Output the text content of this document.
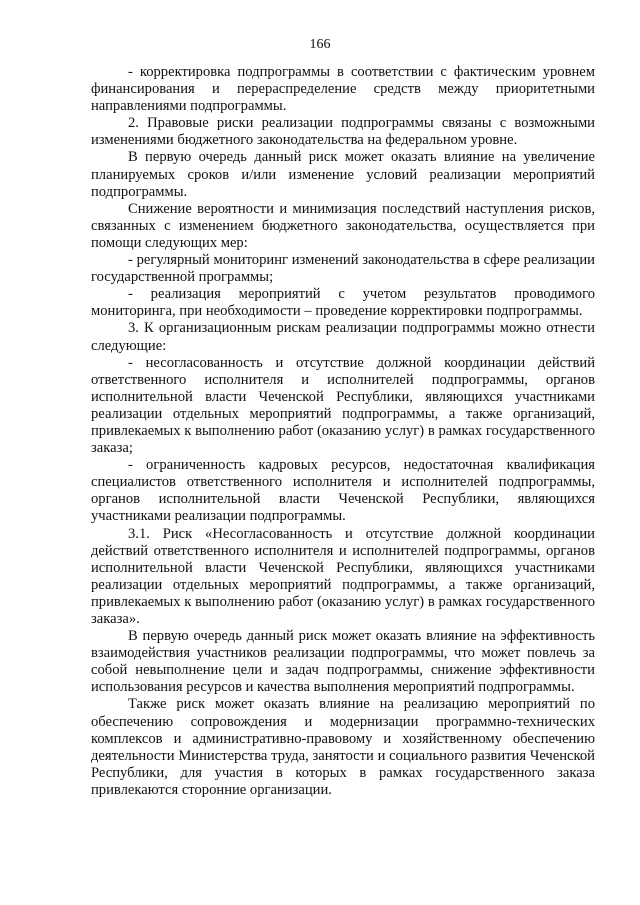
166

- корректировка подпрограммы в соответствии с фактическим уровнем финансирования и перераспределение средств между приоритетными направлениями подпрограммы.

2. Правовые риски реализации подпрограммы связаны с возможными изменениями бюджетного законодательства на федеральном уровне.

В первую очередь данный риск может оказать влияние на увеличение планируемых сроков и/или изменение условий реализации мероприятий подпрограммы.

Снижение вероятности и минимизация последствий наступления рисков, связанных с изменением бюджетного законодательства, осуществляется при помощи следующих мер:

- регулярный мониторинг изменений законодательства в сфере реализации государственной программы;

- реализация мероприятий с учетом результатов проводимого мониторинга, при необходимости – проведение корректировки подпрограммы.

3. К организационным рискам реализации подпрограммы можно отнести следующие:

- несогласованность и отсутствие должной координации действий ответственного исполнителя и исполнителей подпрограммы, органов исполнительной власти Чеченской Республики, являющихся участниками реализации отдельных мероприятий подпрограммы, а также организаций, привлекаемых к выполнению работ (оказанию услуг) в рамках государственного заказа;

- ограниченность кадровых ресурсов, недостаточная квалификация специалистов ответственного исполнителя и исполнителей подпрограммы, органов исполнительной власти Чеченской Республики, являющихся участниками реализации подпрограммы.

3.1. Риск «Несогласованность и отсутствие должной координации действий ответственного исполнителя и исполнителей подпрограммы, органов исполнительной власти Чеченской Республики, являющихся участниками реализации отдельных мероприятий подпрограммы, а также организаций, привлекаемых к выполнению работ (оказанию услуг) в рамках государственного заказа».

В первую очередь данный риск может оказать влияние на эффективность взаимодействия участников реализации подпрограммы, что может повлечь за собой невыполнение цели и задач подпрограммы, снижение эффективности использования ресурсов и качества выполнения мероприятий подпрограммы.

Также риск может оказать влияние на реализацию мероприятий по обеспечению сопровождения и модернизации программно-технических комплексов и административно-правовому и хозяйственному обеспечению деятельности Министерства труда, занятости и социального развития Чеченской Республики, для участия в которых в рамках государственного заказа привлекаются сторонние организации.
